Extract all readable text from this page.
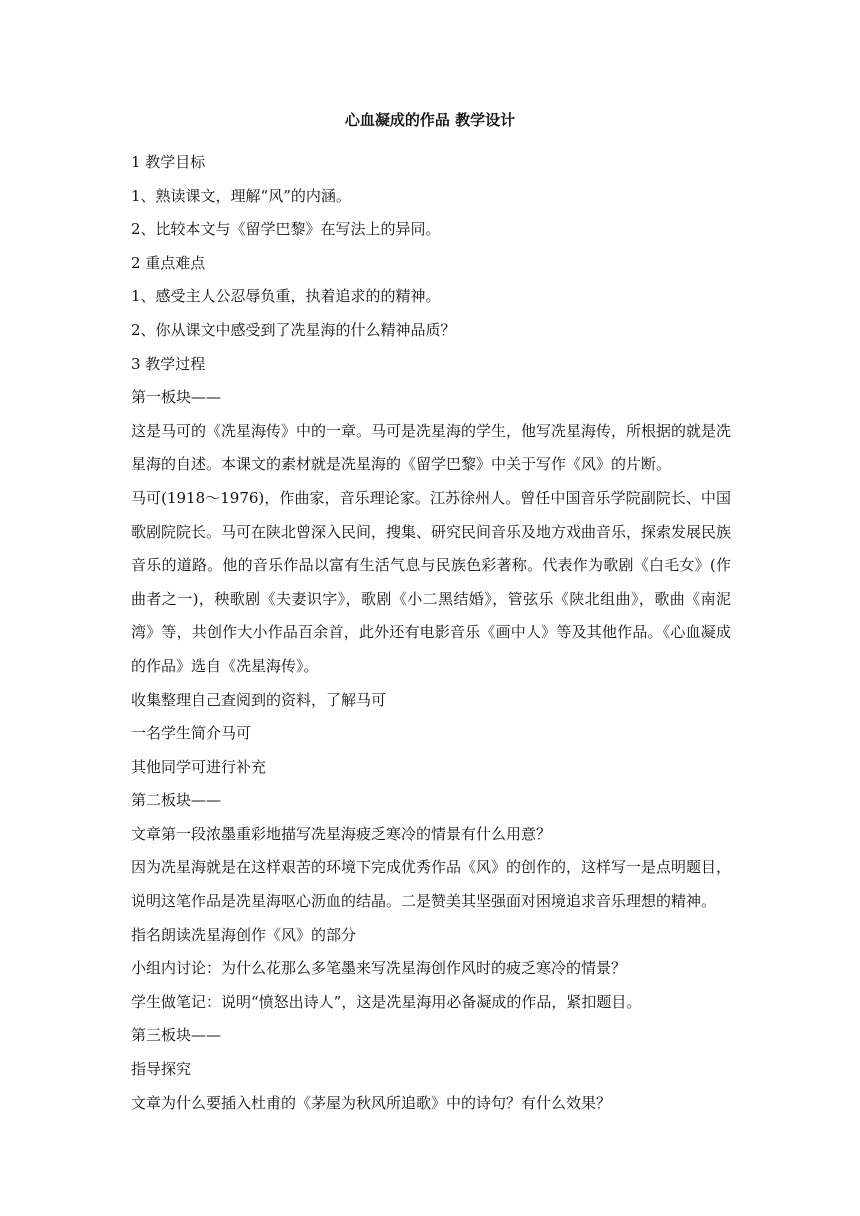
心血凝成的作品 教学设计

1 教学目标

1、熟读课文，理解“风”的内涵。

2、比较本文与《留学巴黎》在写法上的异同。

2 重点难点

1、感受主人公忍辱负重，执着追求的的精神。

2、你从课文中感受到了冼星海的什么精神品质？

3 教学过程

第一板块——

这是马可的《冼星海传》中的一章。马可是冼星海的学生，他写冼星海传，所根据的就是冼星海的自述。本课文的素材就是冼星海的《留学巴黎》中关于写作《风》的片断。

马可(1918～1976)，作曲家，音乐理论家。江苏徐州人。曾任中国音乐学院副院长、中国歌剧院院长。马可在陕北曾深入民间，搜集、研究民间音乐及地方戏曲音乐，探索发展民族音乐的道路。他的音乐作品以富有生活气息与民族色彩著称。代表作为歌剧《白毛女》(作曲者之一)，秧歌剧《夫妻识字》，歌剧《小二黑结婚》，管弦乐《陕北组曲》，歌曲《南泥湾》等，共创作大小作品百余首，此外还有电影音乐《画中人》等及其他作品。《心血凝成的作品》选自《冼星海传》。

收集整理自己查阅到的资料，了解马可

一名学生简介马可

其他同学可进行补充

第二板块——

文章第一段浓墨重彩地描写冼星海疲乏寒冷的情景有什么用意？

因为冼星海就是在这样艰苦的环境下完成优秀作品《风》的创作的，这样写一是点明题目，说明这笔作品是冼星海呕心沥血的结晶。二是赞美其坚强面对困境追求音乐理想的精神。

指名朗读冼星海创作《风》的部分

小组内讨论：为什么花那么多笔墨来写冼星海创作风时的疲乏寒冷的情景？

学生做笔记：说明“愤怒出诗人”，这是冼星海用必备凝成的作品，紧扣题目。

第三板块——

指导探究

文章为什么要插入杜甫的《茅屋为秋风所追歌》中的诗句？有什么效果？
